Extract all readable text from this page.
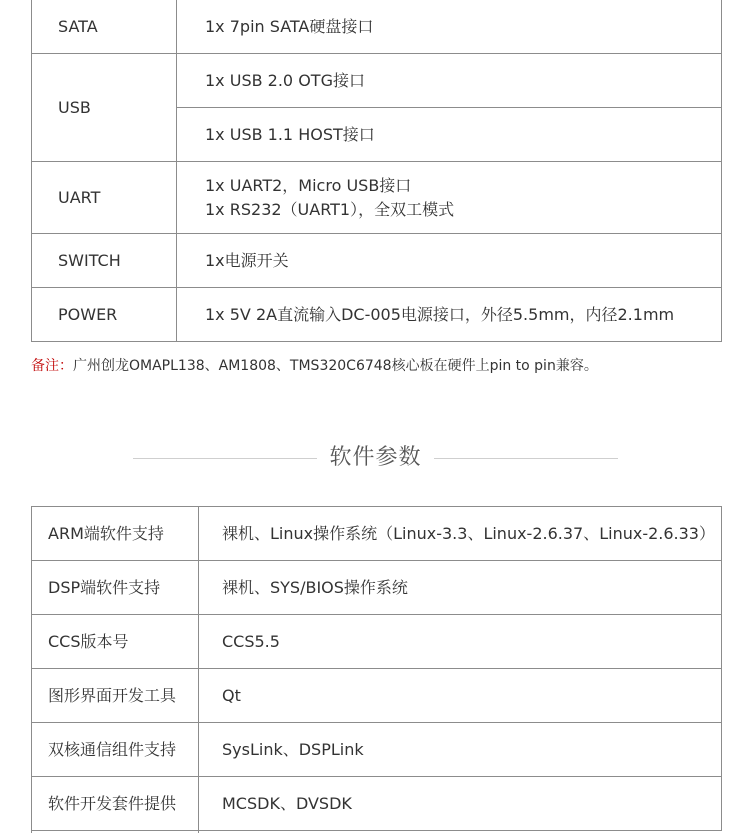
SATA	1x 7pin SATA硬盘接口
USB	1x USB 2.0 OTG接口
	1x USB 1.1 HOST接口
UART	1x UART2，Micro USB接口
1x RS232（UART1），全双工模式

SWITCH	1x电源开关
POWER	1x 5V 2A直流输入DC-005电源接口，外径5.5mm，内径2.1mm
备注：广州创龙OMAPL138、AM1808、TMS320C6748核心板在硬件上pin to pin兼容。
软件参数
ARM端软件支持	裸机、Linux操作系统（Linux-3.3、Linux-2.6.37、Linux-2.6.33）
DSP端软件支持	裸机、SYS/BIOS操作系统
CCS版本号	CCS5.5
图形界面开发工具	Qt
双核通信组件支持	SysLink、DSPLink
软件开发套件提供	MCSDK、DVSDK
